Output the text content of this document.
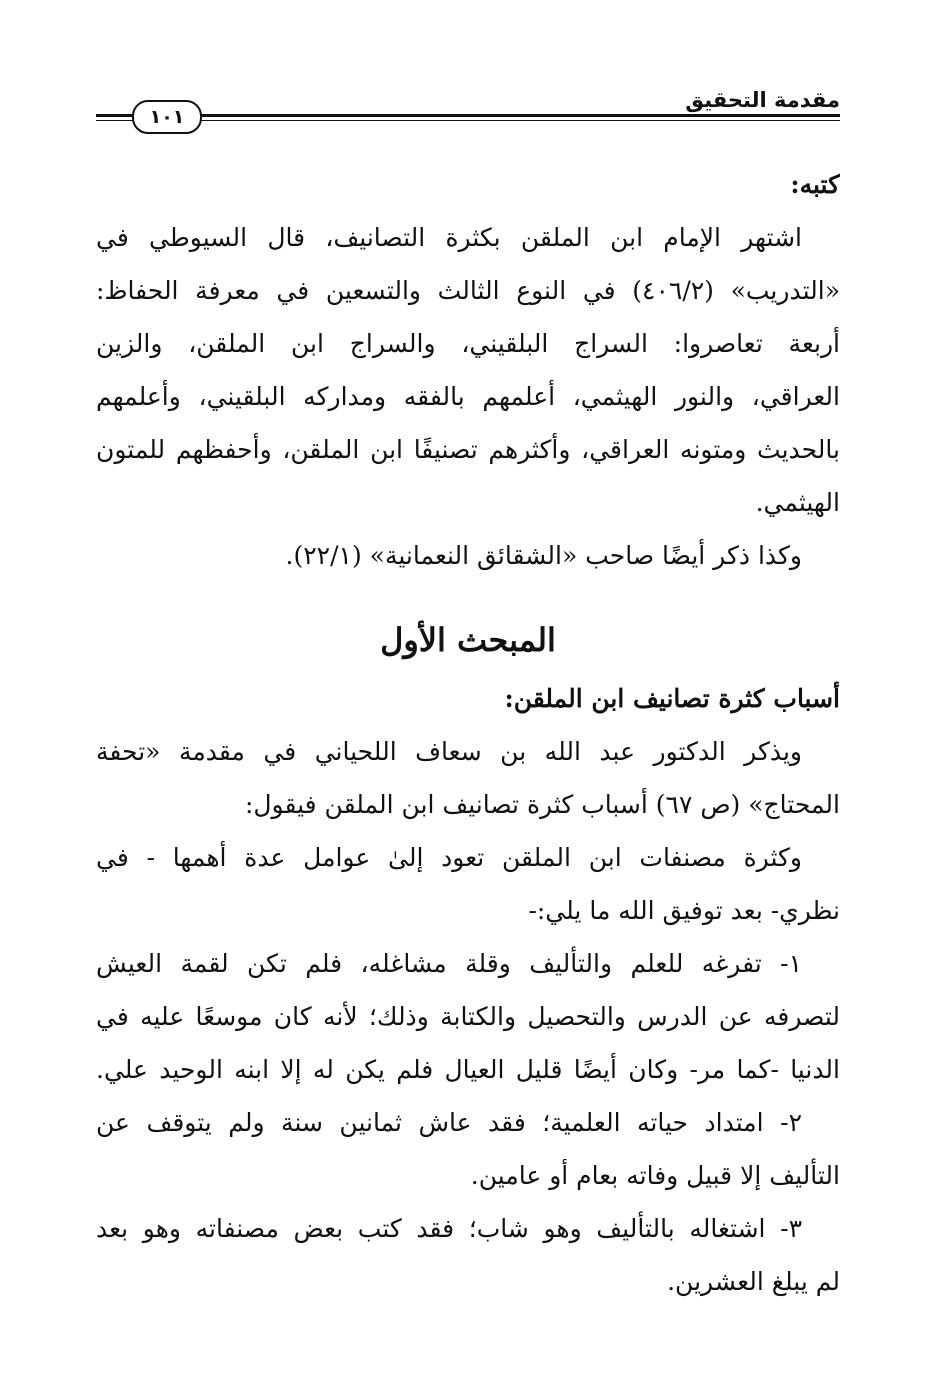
مقدمة التحقيق
١٠١
كتبه:
اشتهر الإمام ابن الملقن بكثرة التصانيف، قال السيوطي في
«التدريب» (٤٠٦/٢) في النوع الثالث والتسعين في معرفة الحفاظ:
أربعة تعاصروا: السراج البلقيني، والسراج ابن الملقن، والزين
العراقي، والنور الهيثمي، أعلمهم بالفقه ومداركه البلقيني، وأعلمهم
بالحديث ومتونه العراقي، وأكثرهم تصنيفًا ابن الملقن، وأحفظهم للمتون
الهيثمي.
وكذا ذكر أيضًا صاحب «الشقائق النعمانية» (٢٢/١).
المبحث الأول
أسباب كثرة تصانيف ابن الملقن:
ويذكر الدكتور عبد الله بن سعاف اللحياني في مقدمة «تحفة
المحتاج» (ص ٦٧) أسباب كثرة تصانيف ابن الملقن فيقول:
وكثرة مصنفات ابن الملقن تعود إلىٰ عوامل عدة أهمها - في
نظري- بعد توفيق الله ما يلي:-
١- تفرغه للعلم والتأليف وقلة مشاغله، فلم تكن لقمة العيش
لتصرفه عن الدرس والتحصيل والكتابة وذلك؛ لأنه كان موسعًا عليه في
الدنيا -كما مر- وكان أيضًا قليل العيال فلم يكن له إلا ابنه الوحيد علي.
٢- امتداد حياته العلمية؛ فقد عاش ثمانين سنة ولم يتوقف عن
التأليف إلا قبيل وفاته بعام أو عامين.
٣- اشتغاله بالتأليف وهو شاب؛ فقد كتب بعض مصنفاته وهو بعد
لم يبلغ العشرين.
